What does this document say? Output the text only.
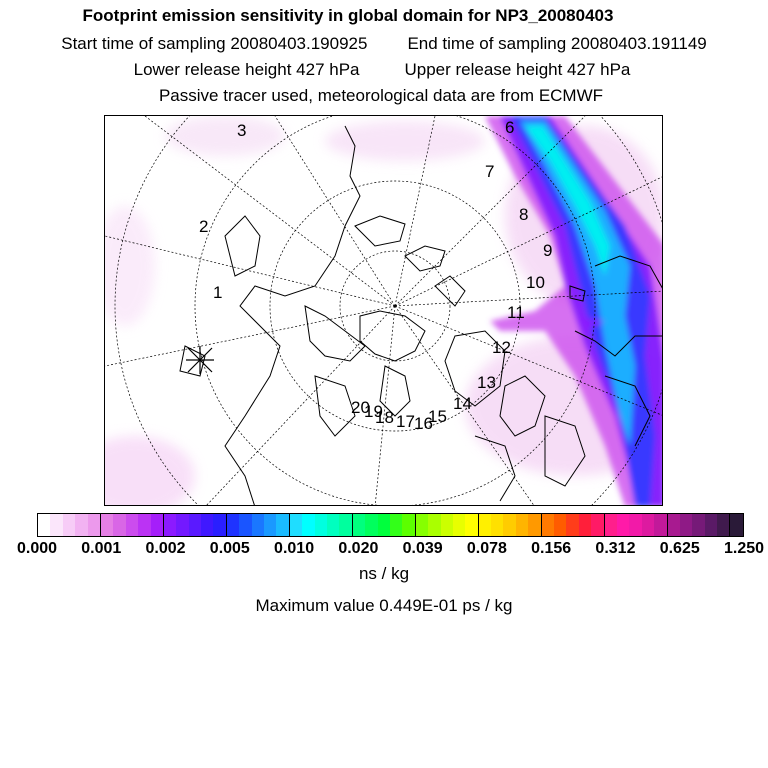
Footprint emission sensitivity in global domain for NP3_20080403
Start time of sampling 20080403.190925 End time of sampling 20080403.191149
Lower release height 427 hPa	Upper release height 427 hPa
Passive tracer used, meteorological data are from ECMWF
1
2
3	6
7
8
9
10
11
12
13
14
15
16
17
18
19
20
0.000 0.001 0.002 0.005 0.010 0.020 0.039 0.078 0.156 0.312 0.625 1.250
ns / kg
Maximum value 0.449E-01 ps / kg
